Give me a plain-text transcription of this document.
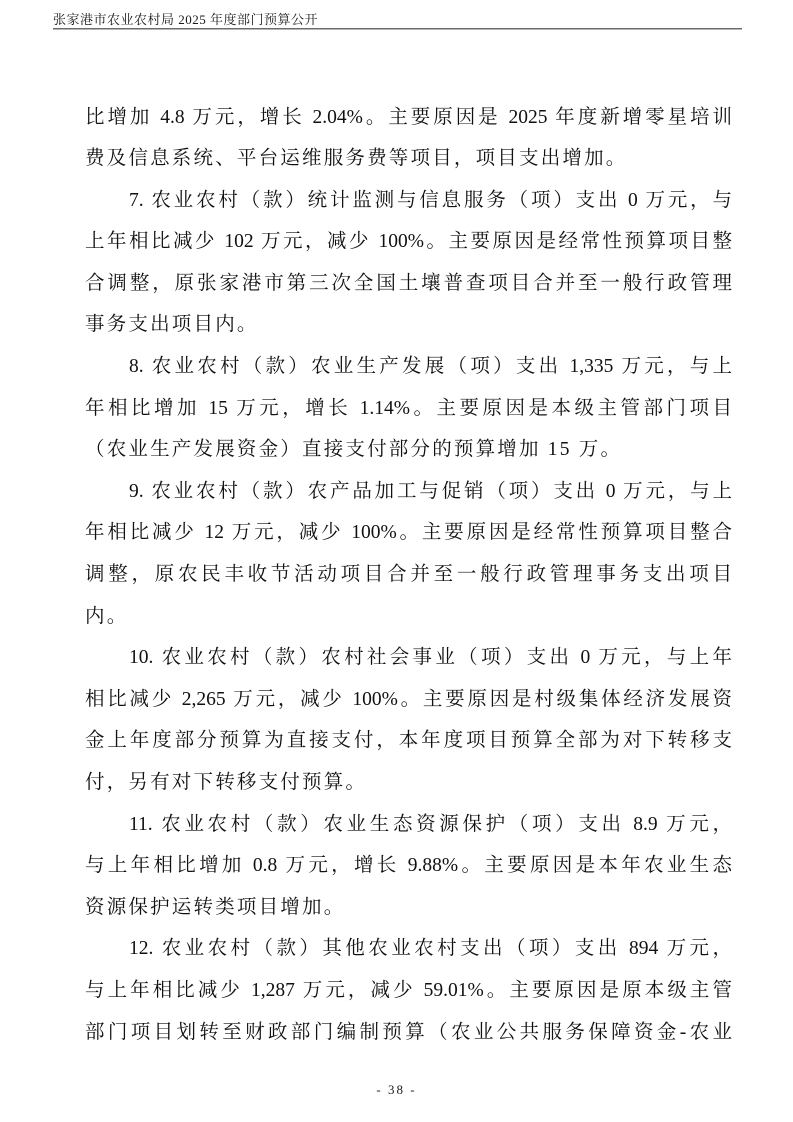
张家港市农业农村局 2025 年度部门预算公开
比增加 4.8 万元，增长 2.04%。主要原因是 2025 年度新增零星培训
费及信息系统、平台运维服务费等项目，项目支出增加。
7. 农业农村（款）统计监测与信息服务（项）支出 0 万元，与
上年相比减少 102 万元，减少 100%。主要原因是经常性预算项目整
合调整，原张家港市第三次全国土壤普查项目合并至一般行政管理
事务支出项目内。
8. 农业农村（款）农业生产发展（项）支出 1,335 万元，与上
年相比增加 15 万元，增长 1.14%。主要原因是本级主管部门项目
（农业生产发展资金）直接支付部分的预算增加 15 万。
9. 农业农村（款）农产品加工与促销（项）支出 0 万元，与上
年相比减少 12 万元，减少 100%。主要原因是经常性预算项目整合
调整，原农民丰收节活动项目合并至一般行政管理事务支出项目
内。
10. 农业农村（款）农村社会事业（项）支出 0 万元，与上年
相比减少 2,265 万元，减少 100%。主要原因是村级集体经济发展资
金上年度部分预算为直接支付，本年度项目预算全部为对下转移支
付，另有对下转移支付预算。
11. 农业农村（款）农业生态资源保护（项）支出 8.9 万元，
与上年相比增加 0.8 万元，增长 9.88%。主要原因是本年农业生态
资源保护运转类项目增加。
12. 农业农村（款）其他农业农村支出（项）支出 894 万元，
与上年相比减少 1,287 万元，减少 59.01%。主要原因是原本级主管
部门项目划转至财政部门编制预算（农业公共服务保障资金-农业
- 38 -
